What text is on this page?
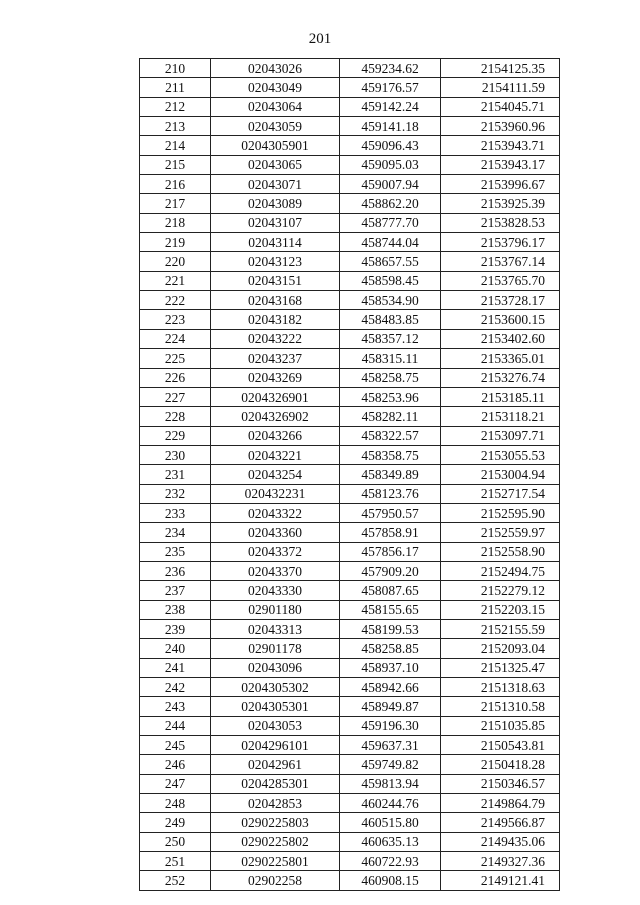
201
210	02043026	459234.62	2154125.35
211	02043049	459176.57	2154111.59
212	02043064	459142.24	2154045.71
213	02043059	459141.18	2153960.96
214	0204305901	459096.43	2153943.71
215	02043065	459095.03	2153943.17
216	02043071	459007.94	2153996.67
217	02043089	458862.20	2153925.39
218	02043107	458777.70	2153828.53
219	02043114	458744.04	2153796.17
220	02043123	458657.55	2153767.14
221	02043151	458598.45	2153765.70
222	02043168	458534.90	2153728.17
223	02043182	458483.85	2153600.15
224	02043222	458357.12	2153402.60
225	02043237	458315.11	2153365.01
226	02043269	458258.75	2153276.74
227	0204326901	458253.96	2153185.11
228	0204326902	458282.11	2153118.21
229	02043266	458322.57	2153097.71
230	02043221	458358.75	2153055.53
231	02043254	458349.89	2153004.94
232	020432231	458123.76	2152717.54
233	02043322	457950.57	2152595.90
234	02043360	457858.91	2152559.97
235	02043372	457856.17	2152558.90
236	02043370	457909.20	2152494.75
237	02043330	458087.65	2152279.12
238	02901180	458155.65	2152203.15
239	02043313	458199.53	2152155.59
240	02901178	458258.85	2152093.04
241	02043096	458937.10	2151325.47
242	0204305302	458942.66	2151318.63
243	0204305301	458949.87	2151310.58
244	02043053	459196.30	2151035.85
245	0204296101	459637.31	2150543.81
246	02042961	459749.82	2150418.28
247	0204285301	459813.94	2150346.57
248	02042853	460244.76	2149864.79
249	0290225803	460515.80	2149566.87
250	0290225802	460635.13	2149435.06
251	0290225801	460722.93	2149327.36
252	02902258	460908.15	2149121.41
